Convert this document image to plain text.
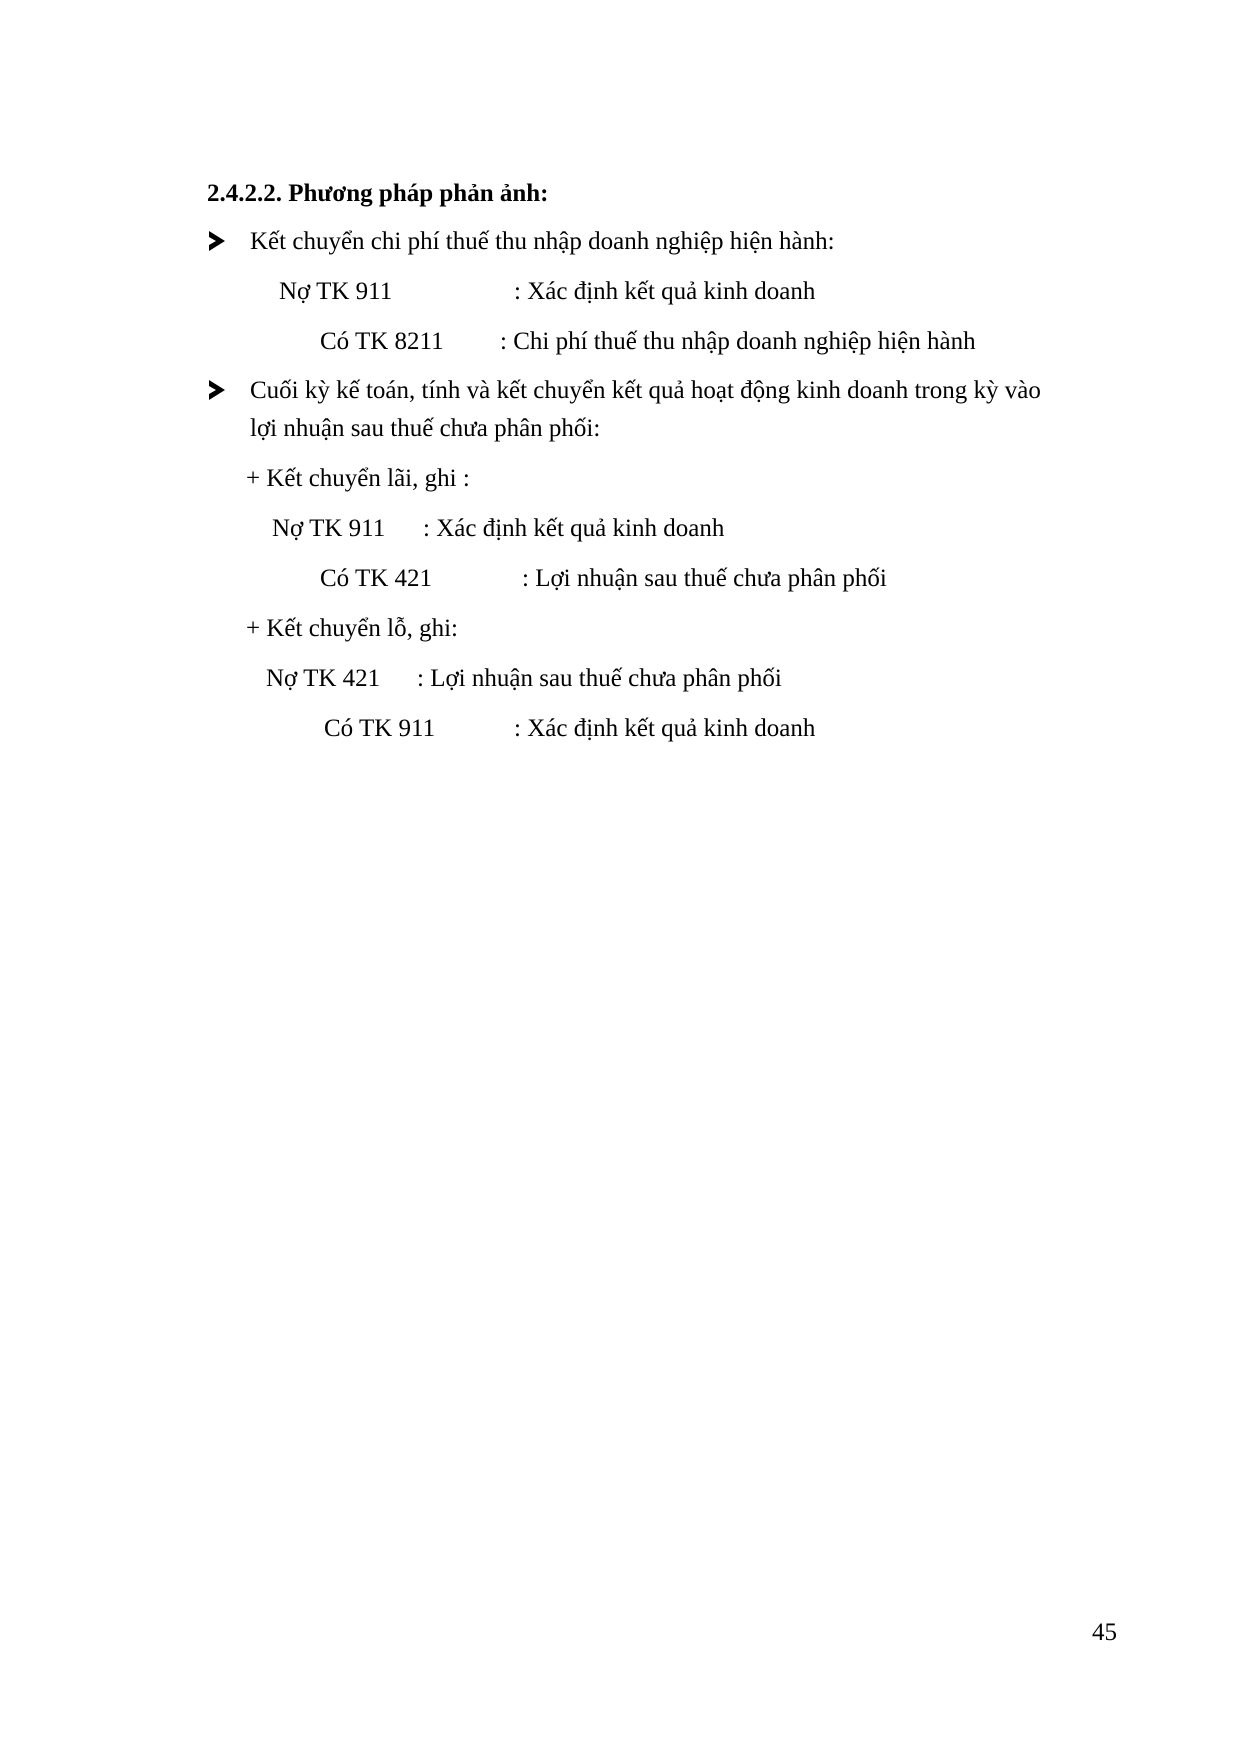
2.4.2.2. Phương pháp phản ảnh:
Kết chuyển chi phí thuế thu nhập doanh nghiệp hiện hành:
Nợ TK 911	: Xác định kết quả kinh doanh
Có TK 8211 : Chi phí thuế thu nhập doanh nghiệp hiện hành
Cuối kỳ kế toán, tính và kết chuyển kết quả hoạt động kinh doanh trong kỳ vào
lợi nhuận sau thuế chưa phân phối:
+ Kết chuyển lãi, ghi :
Nợ TK 911 : Xác định kết quả kinh doanh
Có TK 421	: Lợi nhuận sau thuế chưa phân phối
+ Kết chuyển lỗ, ghi:
Nợ TK 421 : Lợi nhuận sau thuế chưa phân phối
Có TK 911	: Xác định kết quả kinh doanh
45
